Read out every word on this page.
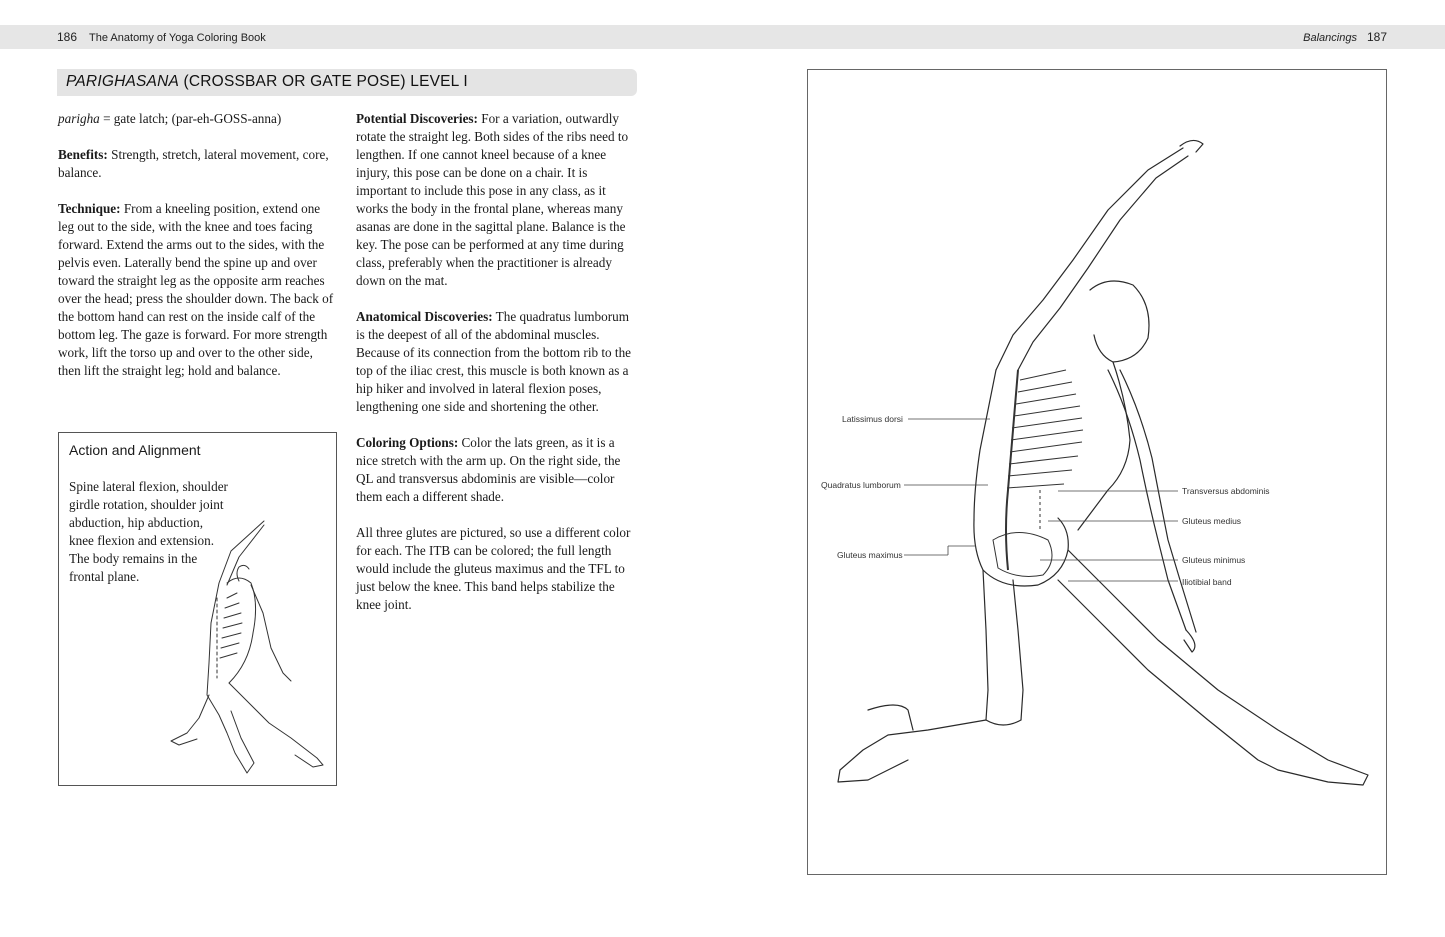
186 The Anatomy of Yoga Coloring Book	Balancings 187
PARIGHASANA (CROSSBAR OR GATE POSE) LEVEL I

parigha = gate latch; (par-eh-GOSS-anna)

Benefits: Strength, stretch, lateral movement, core, balance.

Technique: From a kneeling position, extend one leg out to the side, with the knee and toes facing forward. Extend the arms out to the sides, with the pelvis even. Laterally bend the spine up and over toward the straight leg as the opposite arm reaches over the head; press the shoulder down. The back of the bottom hand can rest on the inside calf of the bottom leg. The gaze is forward. For more strength work, lift the torso up and over to the other side, then lift the straight leg; hold and balance.

Action and Alignment
Spine lateral flexion, shoulder girdle rotation, shoulder joint abduction, hip abduction, knee flexion and extension. The body remains in the frontal plane.

Potential Discoveries: For a variation, outwardly rotate the straight leg. Both sides of the ribs need to lengthen. If one cannot kneel because of a knee injury, this pose can be done on a chair. It is important to include this pose in any class, as it works the body in the frontal plane, whereas many asanas are done in the sagittal plane. Balance is the key. The pose can be performed at any time during class, preferably when the practitioner is already down on the mat.

Anatomical Discoveries: The quadratus lumborum is the deepest of all of the abdominal muscles. Because of its connection from the bottom rib to the top of the iliac crest, this muscle is both known as a hip hiker and involved in lateral flexion poses, lengthening one side and shortening the other.

Coloring Options: Color the lats green, as it is a nice stretch with the arm up. On the right side, the QL and transversus abdominis are visible—color them each a different shade.

All three glutes are pictured, so use a different color for each. The ITB can be colored; the full length would include the gluteus maximus and the TFL to just below the knee. This band helps stabilize the knee joint.

Latissimus dorsi
Quadratus lumborum
Gluteus maximus
Transversus abdominis
Gluteus medius
Gluteus minimus
Iliotibial band
